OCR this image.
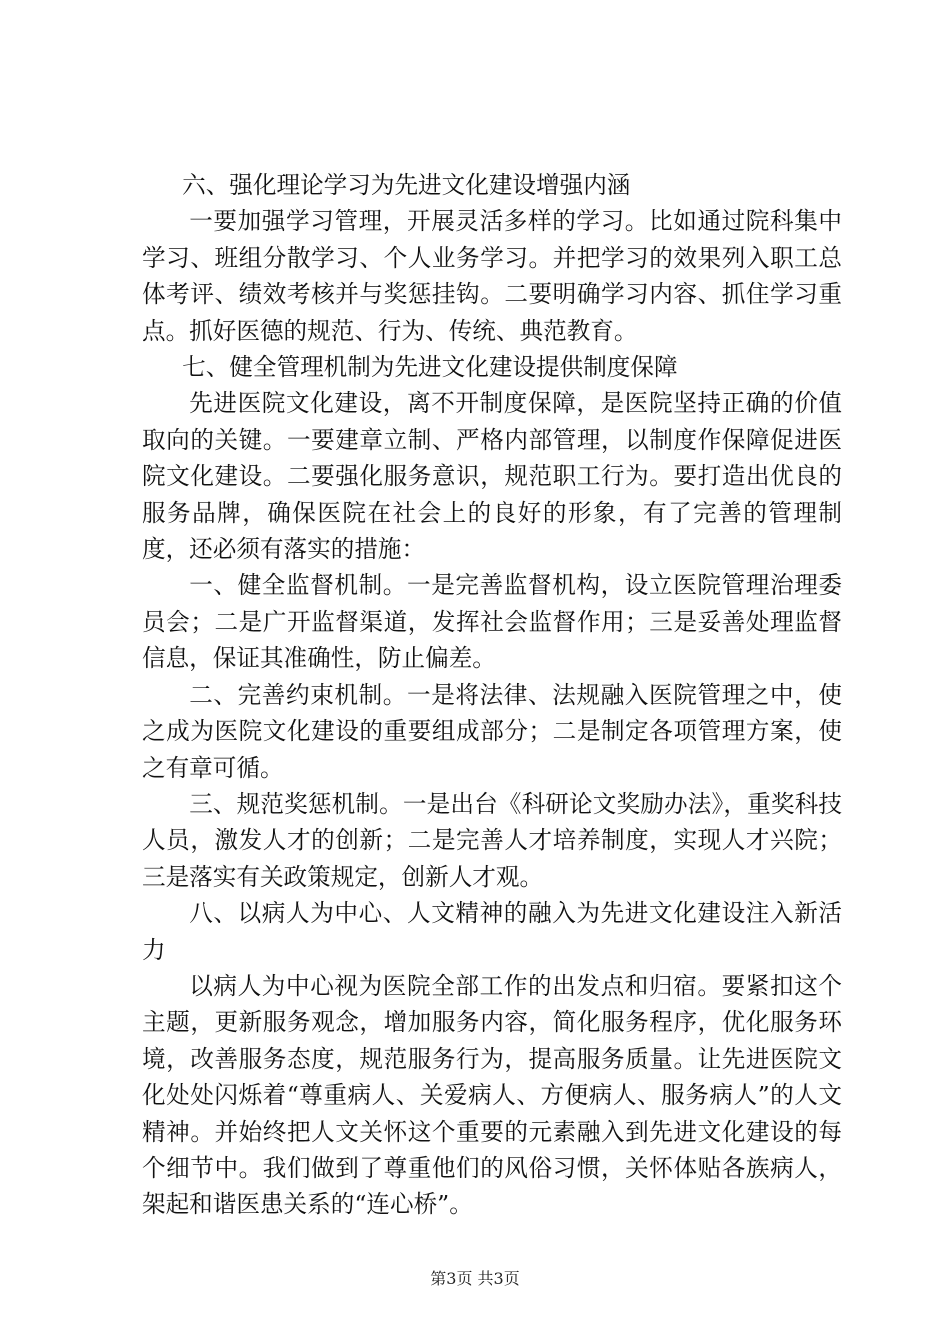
六、强化理论学习为先进文化建设增强内涵

一要加强学习管理，开展灵活多样的学习。比如通过院科集中学习、班组分散学习、个人业务学习。并把学习的效果列入职工总体考评、绩效考核并与奖惩挂钩。二要明确学习内容、抓住学习重点。抓好医德的规范、行为、传统、典范教育。

七、健全管理机制为先进文化建设提供制度保障

先进医院文化建设，离不开制度保障，是医院坚持正确的价值取向的关键。一要建章立制、严格内部管理，以制度作保障促进医院文化建设。二要强化服务意识，规范职工行为。要打造出优良的服务品牌，确保医院在社会上的良好的形象，有了完善的管理制度，还必须有落实的措施：

一、健全监督机制。一是完善监督机构，设立医院管理治理委员会；二是广开监督渠道，发挥社会监督作用；三是妥善处理监督信息，保证其准确性，防止偏差。

二、完善约束机制。一是将法律、法规融入医院管理之中，使之成为医院文化建设的重要组成部分；二是制定各项管理方案，使之有章可循。

三、规范奖惩机制。一是出台《科研论文奖励办法》，重奖科技人员，激发人才的创新；二是完善人才培养制度，实现人才兴院；三是落实有关政策规定，创新人才观。

八、以病人为中心、人文精神的融入为先进文化建设注入新活力

以病人为中心视为医院全部工作的出发点和归宿。要紧扣这个主题，更新服务观念，增加服务内容，简化服务程序，优化服务环境，改善服务态度，规范服务行为，提高服务质量。让先进医院文化处处闪烁着“尊重病人、关爱病人、方便病人、服务病人”的人文精神。并始终把人文关怀这个重要的元素融入到先进文化建设的每个细节中。我们做到了尊重他们的风俗习惯，关怀体贴各族病人，架起和谐医患关系的“连心桥”。

第3页 共3页
